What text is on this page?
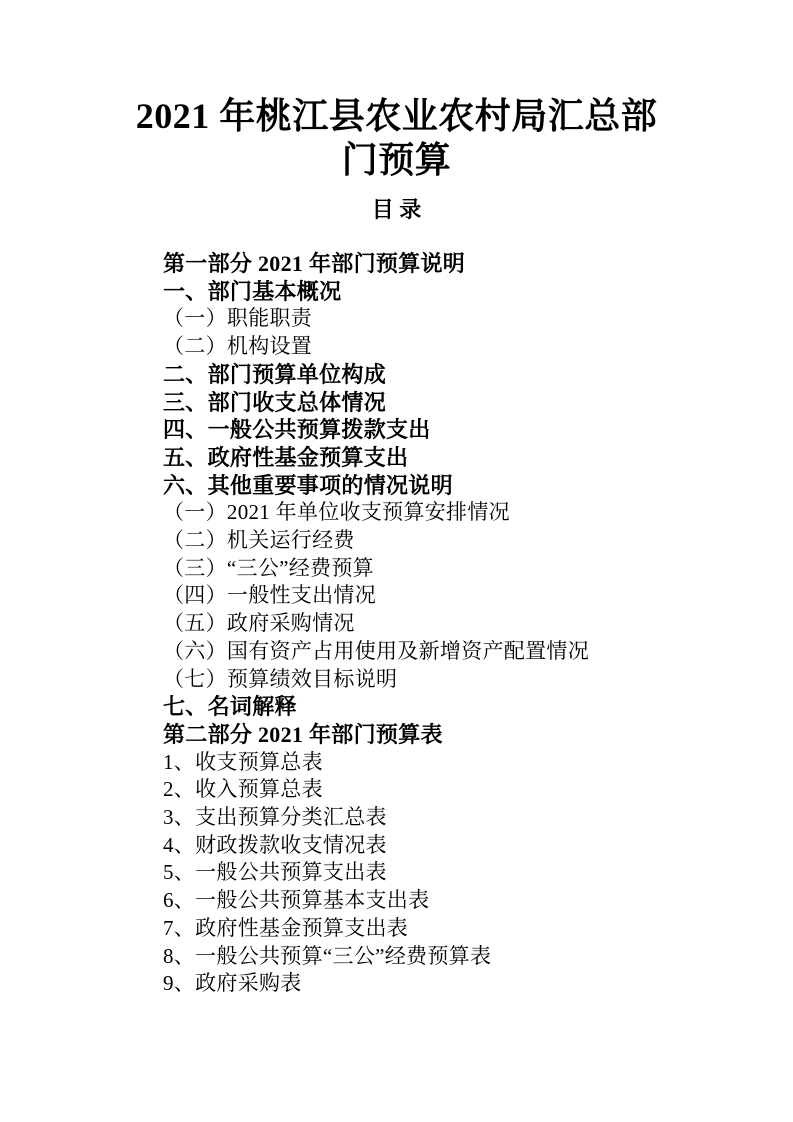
2021 年桃江县农业农村局汇总部门预算
目 录
第一部分 2021 年部门预算说明
一、部门基本概况
（一）职能职责
（二）机构设置
二、部门预算单位构成
三、部门收支总体情况
四、一般公共预算拨款支出
五、政府性基金预算支出
六、其他重要事项的情况说明
（一）2021 年单位收支预算安排情况
（二）机关运行经费
（三）“三公”经费预算
（四）一般性支出情况
（五）政府采购情况
（六）国有资产占用使用及新增资产配置情况
（七）预算绩效目标说明
七、名词解释
第二部分 2021 年部门预算表
1、收支预算总表
2、收入预算总表
3、支出预算分类汇总表
4、财政拨款收支情况表
5、一般公共预算支出表
6、一般公共预算基本支出表
7、政府性基金预算支出表
8、一般公共预算“三公”经费预算表
9、政府采购表
